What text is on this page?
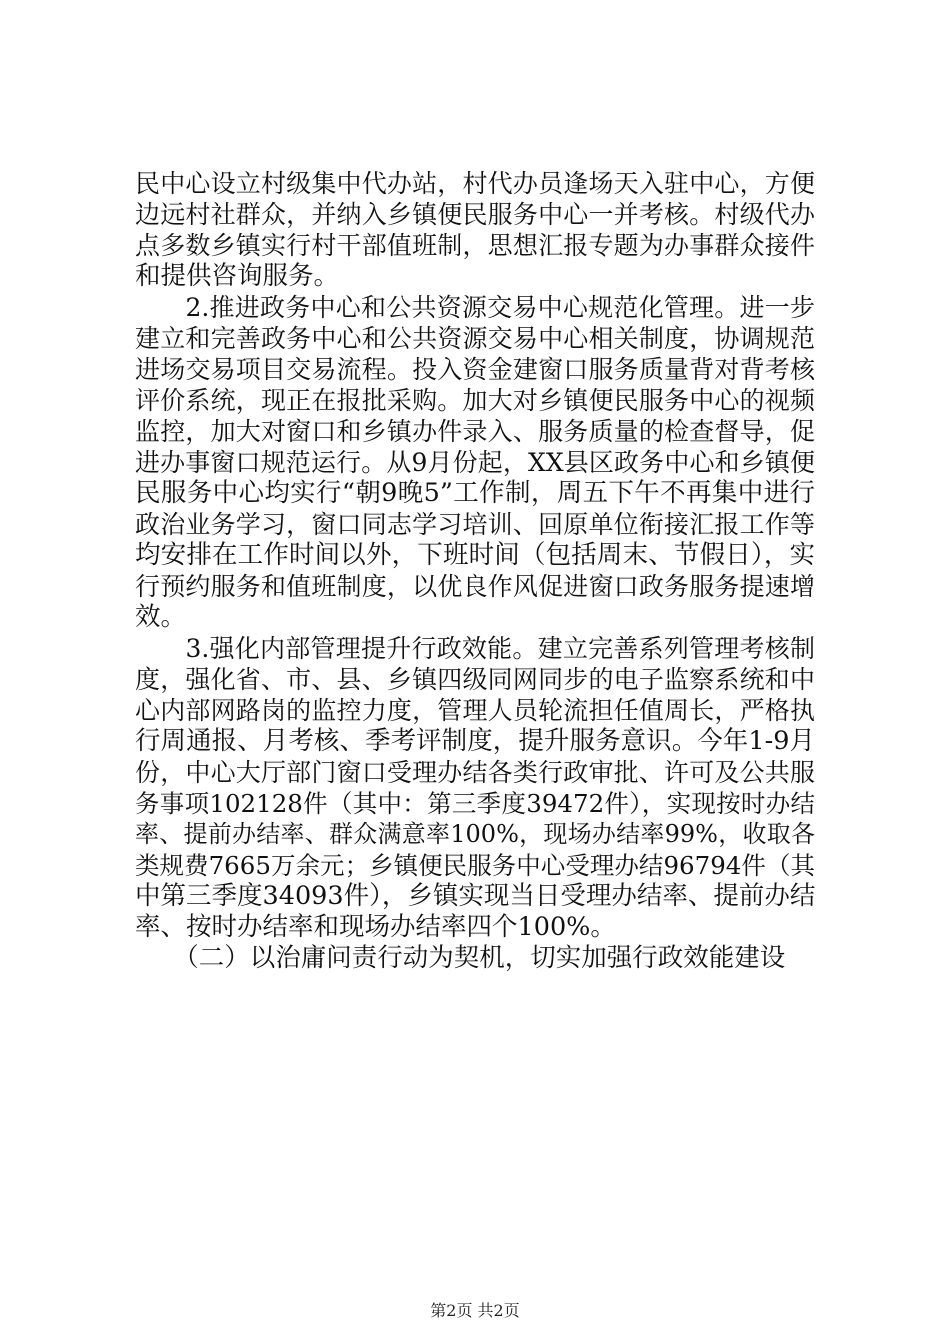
民中心设立村级集中代办站，村代办员逢场天入驻中心，方便
边远村社群众，并纳入乡镇便民服务中心一并考核。村级代办
点多数乡镇实行村干部值班制，思想汇报专题为办事群众接件
和提供咨询服务。
　　2.推进政务中心和公共资源交易中心规范化管理。进一步
建立和完善政务中心和公共资源交易中心相关制度，协调规范
进场交易项目交易流程。投入资金建窗口服务质量背对背考核
评价系统，现正在报批采购。加大对乡镇便民服务中心的视频
监控，加大对窗口和乡镇办件录入、服务质量的检查督导，促
进办事窗口规范运行。从9月份起，XX县区政务中心和乡镇便
民服务中心均实行“朝9晚5”工作制，周五下午不再集中进行
政治业务学习，窗口同志学习培训、回原单位衔接汇报工作等
均安排在工作时间以外，下班时间（包括周末、节假日），实
行预约服务和值班制度，以优良作风促进窗口政务服务提速增
效。
　　3.强化内部管理提升行政效能。建立完善系列管理考核制
度，强化省、市、县、乡镇四级同网同步的电子监察系统和中
心内部网路岗的监控力度，管理人员轮流担任值周长，严格执
行周通报、月考核、季考评制度，提升服务意识。今年1-9月
份，中心大厅部门窗口受理办结各类行政审批、许可及公共服
务事项102128件（其中：第三季度39472件），实现按时办结
率、提前办结率、群众满意率100%，现场办结率99%，收取各
类规费7665万余元；乡镇便民服务中心受理办结96794件（其
中第三季度34093件），乡镇实现当日受理办结率、提前办结
率、按时办结率和现场办结率四个100%。
　　（二）以治庸问责行动为契机，切实加强行政效能建设
第2页 共2页
